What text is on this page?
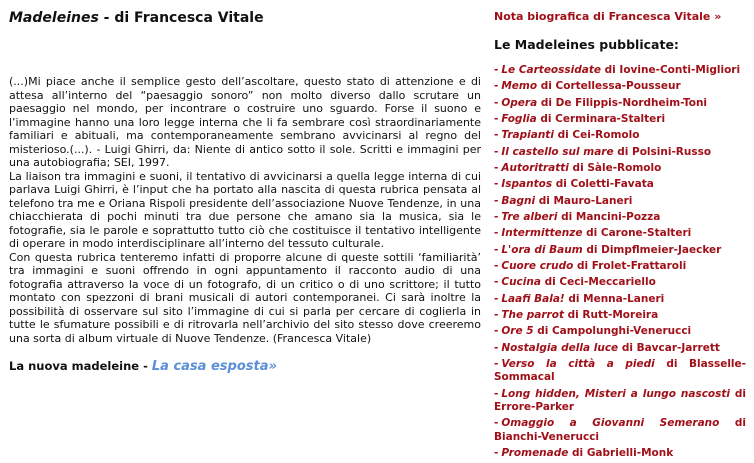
Madeleines - di Francesca Vitale

(...)Mi piace anche il semplice gesto dell’ascoltare, questo stato di attenzione e di attesa all’interno del “paesaggio sonoro” non molto diverso dallo scrutare un paesaggio nel mondo, per incontrare o costruire uno sguardo. Forse il suono e l’immagine hanno una loro legge interna che li fa sembrare così straordinariamente familiari e abituali, ma contemporaneamente sembrano avvicinarsi al regno del misterioso.(...). - Luigi Ghirri, da: Niente di antico sotto il sole. Scritti e immagini per una autobiografia; SEI, 1997.

La liaison tra immagini e suoni, il tentativo di avvicinarsi a quella legge interna di cui parlava Luigi Ghirri, è l’input che ha portato alla nascita di questa rubrica pensata al telefono tra me e Oriana Rispoli presidente dell’associazione Nuove Tendenze, in una chiacchierata di pochi minuti tra due persone che amano sia la musica, sia le fotografie, sia le parole e soprattutto tutto ciò che costituisce il tentativo intelligente di operare in modo interdisciplinare all’interno del tessuto culturale.

Con questa rubrica tenteremo infatti di proporre alcune di queste sottili ‘familiarità’ tra immagini e suoni offrendo in ogni appuntamento il racconto audio di una fotografia attraverso la voce di un fotografo, di un critico o di uno scrittore; il tutto montato con spezzoni di brani musicali di autori contemporanei. Ci sarà inoltre la possibilità di osservare sul sito l’immagine di cui si parla per cercare di coglierla in tutte le sfumature possibili e di ritrovarla nell’archivio del sito stesso dove creeremo una sorta di album virtuale di Nuove Tendenze. (Francesca Vitale)

La nuova madeleine - La casa esposta»
Nota biografica di Francesca Vitale »
Le Madeleines pubblicate:
- Le Carteossidate di Iovine-Conti-Migliori
- Memo di Cortellessa-Pousseur
- Opera di De Filippis-Nordheim-Toni
- Foglia di Cerminara-Stalteri
- Trapianti di Cei-Romolo
- Il castello sul mare di Polsini-Russo
- Autoritratti di Sàle-Romolo
- Ispantos di Coletti-Favata
- Bagni di Mauro-Laneri
- Tre alberi di Mancini-Pozza
- Intermittenze di Carone-Stalteri
- L'ora di Baum di Dimpflmeier-Jaecker
- Cuore crudo di Frolet-Frattaroli
- Cucina di Ceci-Meccariello
- Laafi Bala! di Menna-Laneri
- The parrot di Rutt-Moreira
- Ore 5 di Campolunghi-Venerucci
- Nostalgia della luce di Bavcar-Jarrett
- Verso la città a piedi di Blasselle-Sommacal
- Long hidden, Misteri a lungo nascosti di Errore-Parker
- Omaggio a Giovanni Semerano di Bianchi-Venerucci
- Promenade di Gabrielli-Monk
